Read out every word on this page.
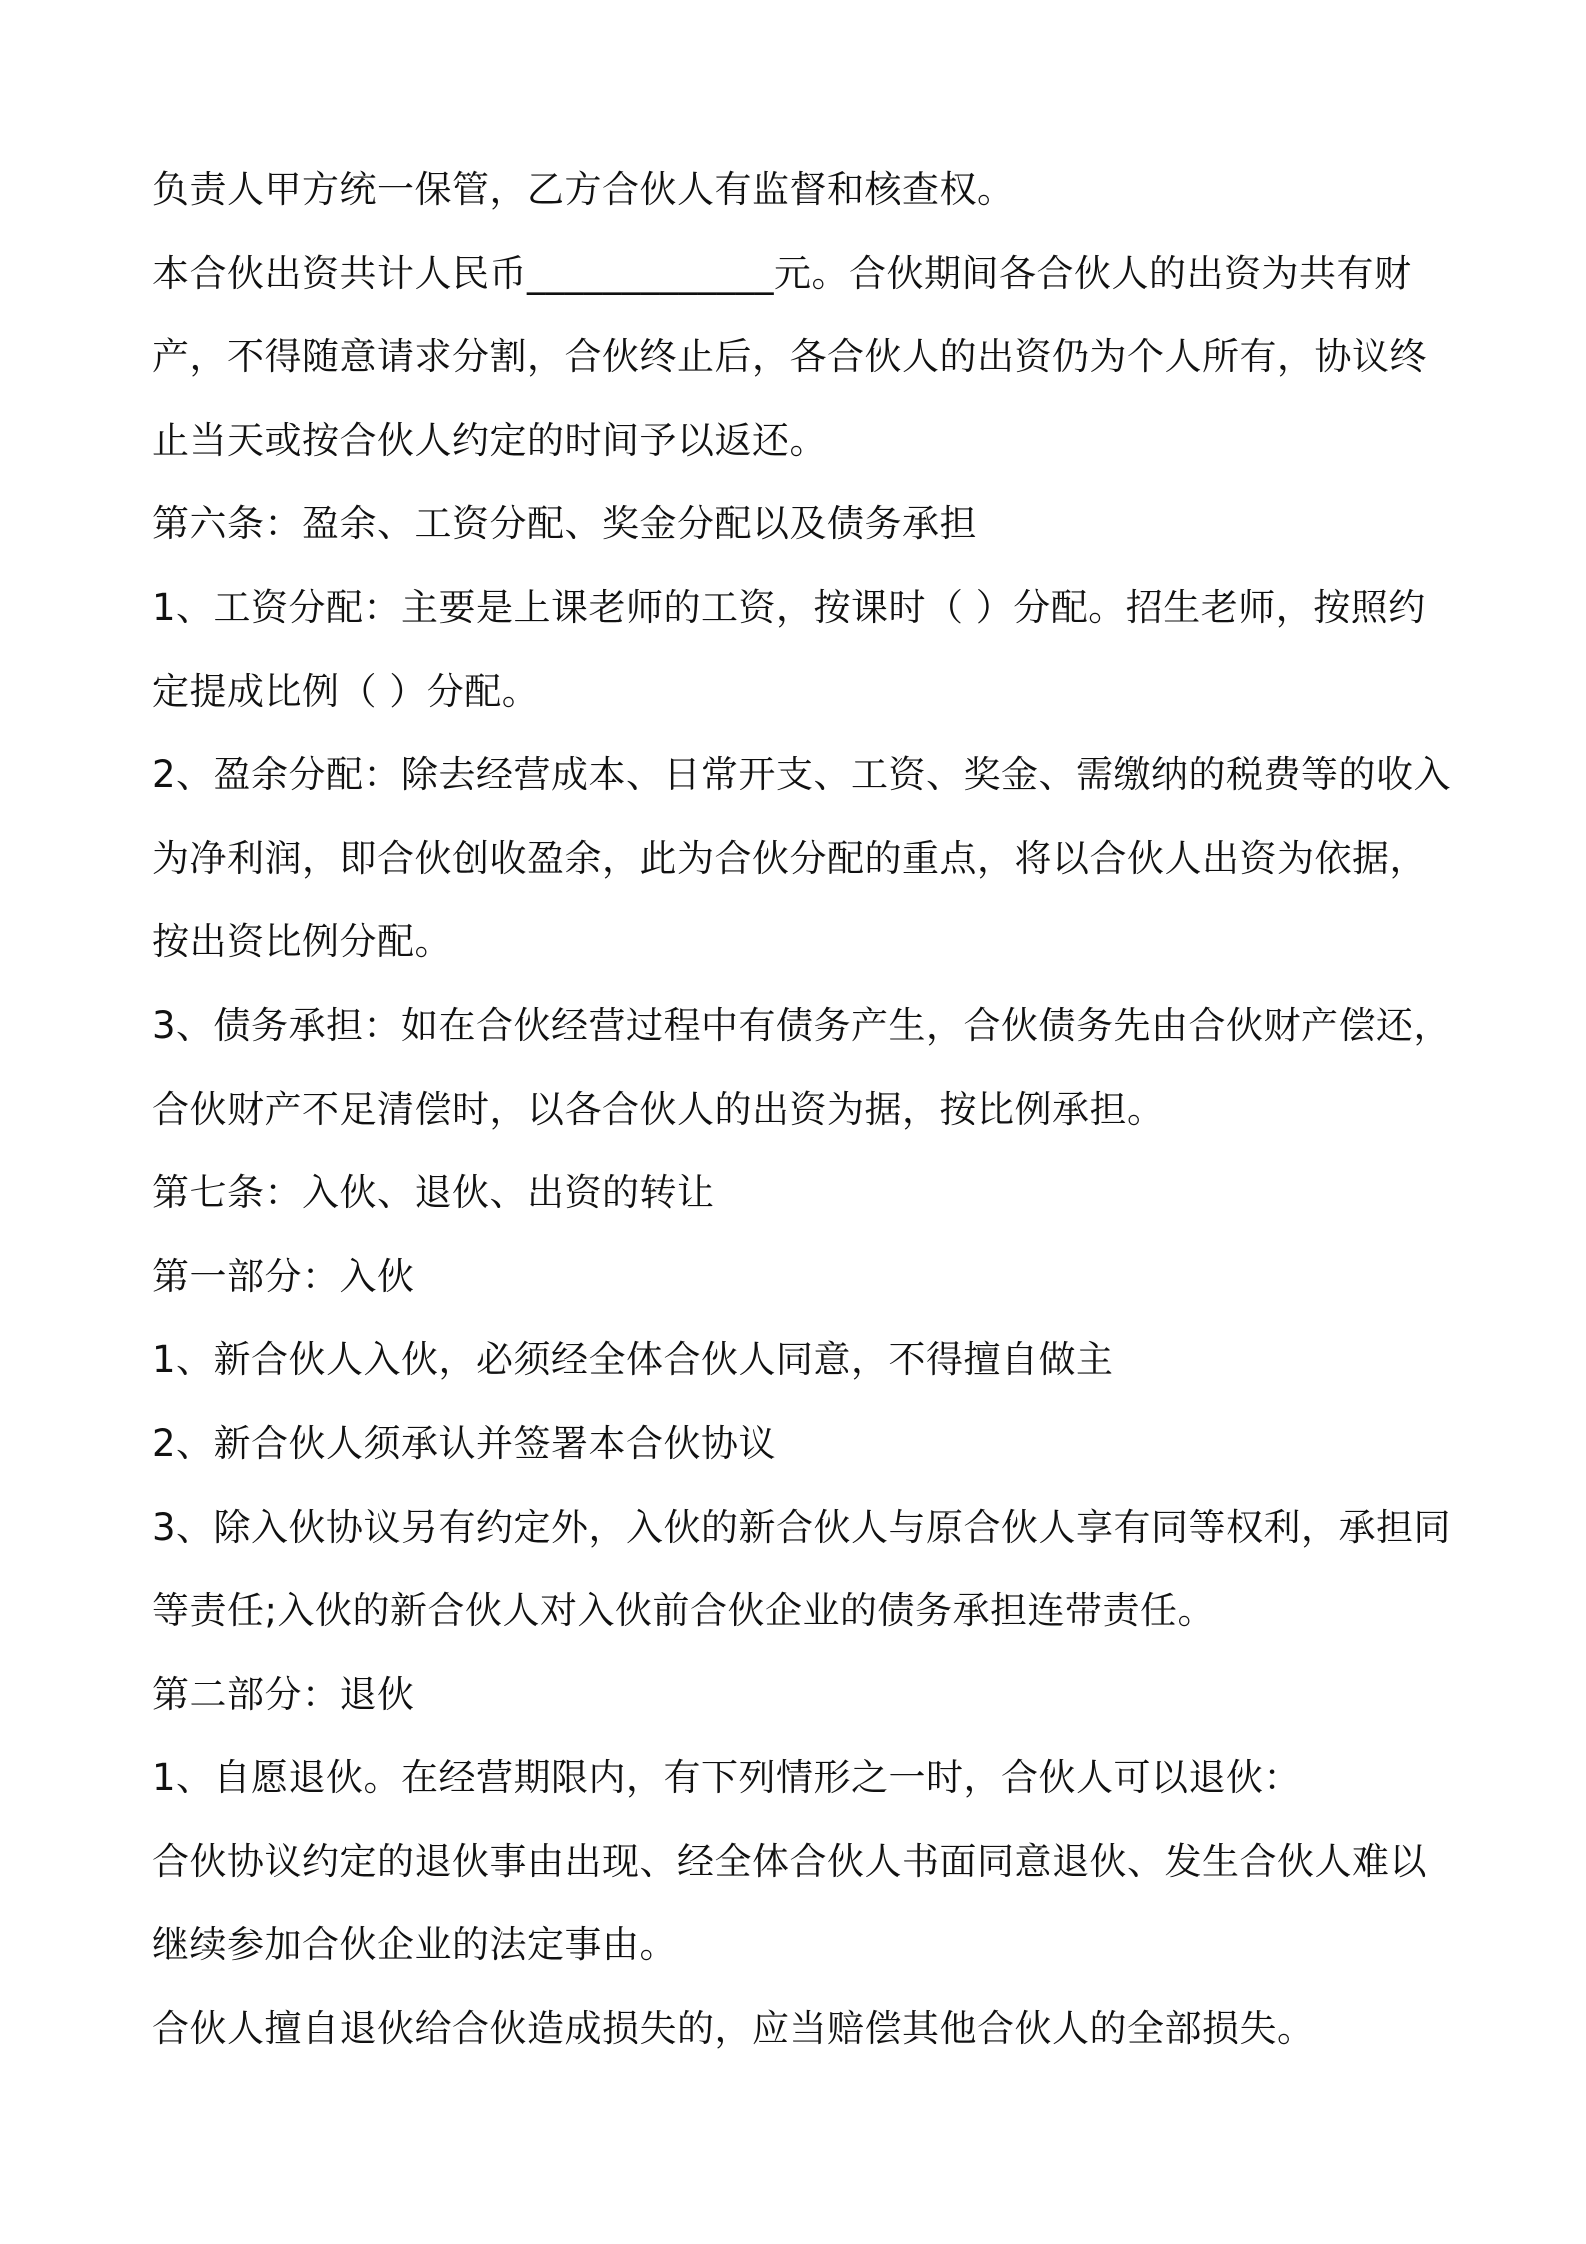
负责人甲方统一保管，乙方合伙人有监督和核查权。
本合伙出资共计人民币_____________元。合伙期间各合伙人的出资为共有财
产，不得随意请求分割，合伙终止后，各合伙人的出资仍为个人所有，协议终
止当天或按合伙人约定的时间予以返还。
第六条：盈余、工资分配、奖金分配以及债务承担
1、工资分配：主要是上课老师的工资，按课时（ ）分配。招生老师，按照约
定提成比例（ ）分配。
2、盈余分配：除去经营成本、日常开支、工资、奖金、需缴纳的税费等的收入
为净利润，即合伙创收盈余，此为合伙分配的重点，将以合伙人出资为依据，
按出资比例分配。
3、债务承担：如在合伙经营过程中有债务产生，合伙债务先由合伙财产偿还，
合伙财产不足清偿时，以各合伙人的出资为据，按比例承担。
第七条：入伙、退伙、出资的转让
第一部分：入伙
1、新合伙人入伙，必须经全体合伙人同意，不得擅自做主
2、新合伙人须承认并签署本合伙协议
3、除入伙协议另有约定外，入伙的新合伙人与原合伙人享有同等权利，承担同
等责任;入伙的新合伙人对入伙前合伙企业的债务承担连带责任。
第二部分：退伙
1、自愿退伙。在经营期限内，有下列情形之一时，合伙人可以退伙：
合伙协议约定的退伙事由出现、经全体合伙人书面同意退伙、发生合伙人难以
继续参加合伙企业的法定事由。
合伙人擅自退伙给合伙造成损失的，应当赔偿其他合伙人的全部损失。
